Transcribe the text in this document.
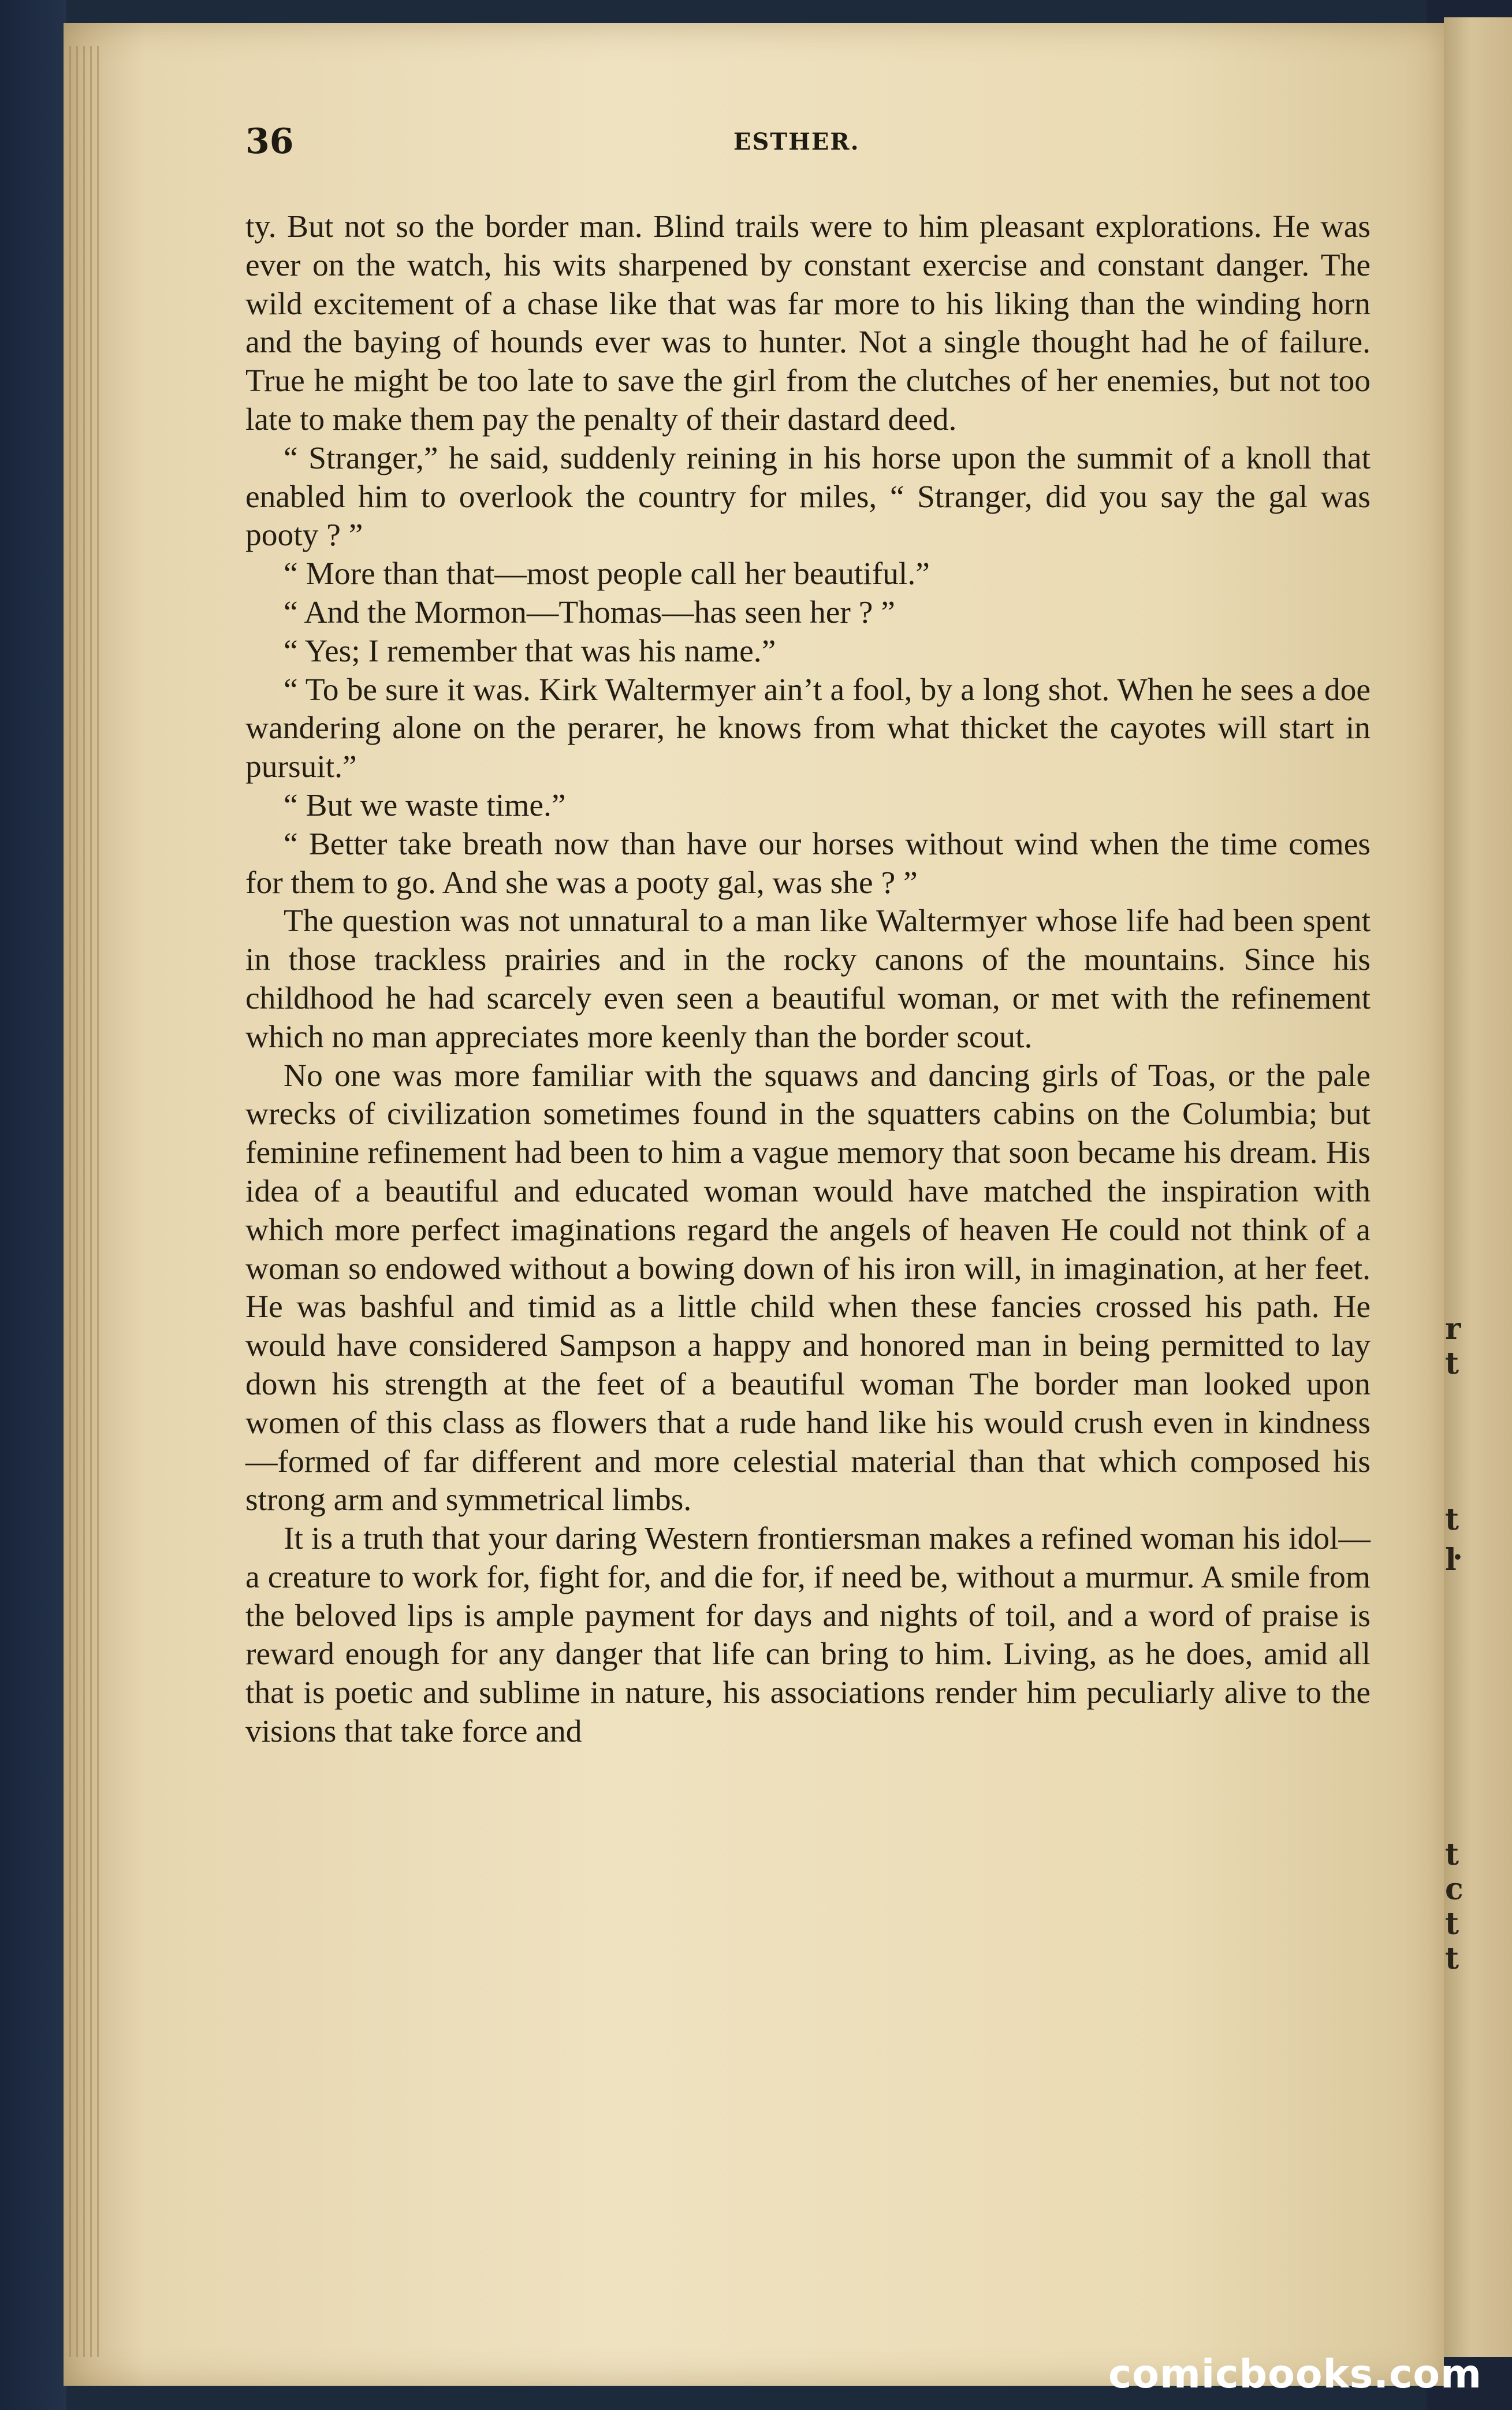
r
t
t
ŀ
t
c
t
t

36	ESTHER.

ty. But not so the border man. Blind trails were to him pleasant explorations. He was ever on the watch, his wits sharpened by constant exercise and constant danger. The wild excitement of a chase like that was far more to his liking than the winding horn and the baying of hounds ever was to hunter. Not a single thought had he of failure. True he might be too late to save the girl from the clutches of her enemies, but not too late to make them pay the penalty of their dastard deed.

“ Stranger,” he said, suddenly reining in his horse upon the summit of a knoll that enabled him to overlook the country for miles, “ Stranger, did you say the gal was pooty ? ”

“ More than that—most people call her beautiful.”

“ And the Mormon—Thomas—has seen her ? ”

“ Yes; I remember that was his name.”

“ To be sure it was. Kirk Waltermyer ain’t a fool, by a long shot. When he sees a doe wandering alone on the perarer, he knows from what thicket the cayotes will start in pursuit.”

“ But we waste time.”

“ Better take breath now than have our horses without wind when the time comes for them to go. And she was a pooty gal, was she ? ”

The question was not unnatural to a man like Waltermyer whose life had been spent in those trackless prairies and in the rocky canons of the mountains. Since his childhood he had scarcely even seen a beautiful woman, or met with the refinement which no man appreciates more keenly than the border scout.

No one was more familiar with the squaws and dancing girls of Toas, or the pale wrecks of civilization sometimes found in the squatters cabins on the Columbia; but feminine refinement had been to him a vague memory that soon became his dream. His idea of a beautiful and educated woman would have matched the inspiration with which more perfect imaginations regard the angels of heaven He could not think of a woman so endowed without a bowing down of his iron will, in imagination, at her feet. He was bashful and timid as a little child when these fancies crossed his path. He would have considered Sampson a happy and honored man in being permitted to lay down his strength at the feet of a beautiful woman The border man looked upon women of this class as flowers that a rude hand like his would crush even in kindness—formed of far different and more celestial material than that which composed his strong arm and symmetrical limbs.

It is a truth that your daring Western frontiersman makes a refined woman his idol—a creature to work for, fight for, and die for, if need be, without a murmur. A smile from the beloved lips is ample payment for days and nights of toil, and a word of praise is reward enough for any danger that life can bring to him. Living, as he does, amid all that is poetic and sublime in nature, his associations render him peculiarly alive to the visions that take force and

comicbooks.com
